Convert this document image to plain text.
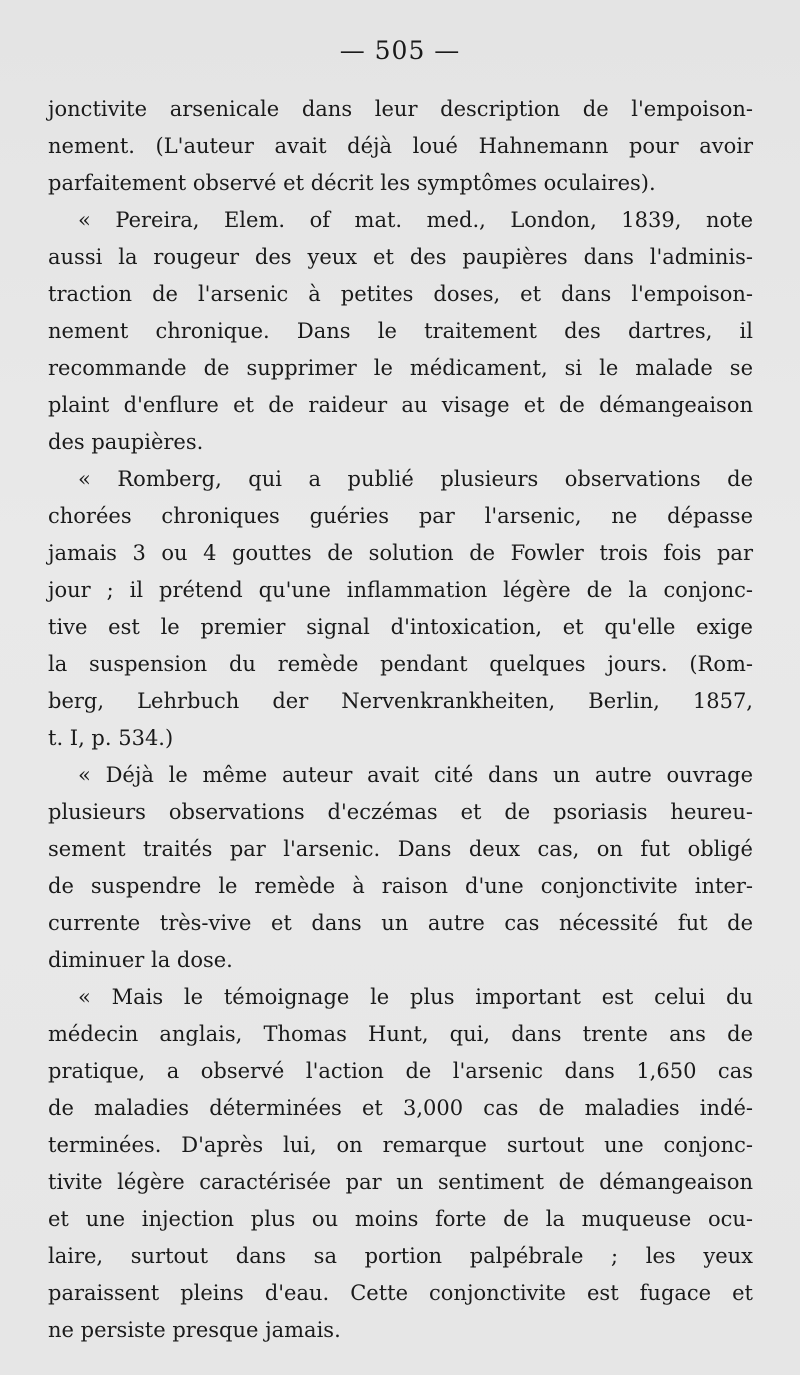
— 505 —
jonctivite arsenicale dans leur description de l'empoison-
nement. (L'auteur avait déjà loué Hahnemann pour avoir
parfaitement observé et décrit les symptômes oculaires).
« Pereira, Elem. of mat. med., London, 1839, note
aussi la rougeur des yeux et des paupières dans l'adminis-
traction de l'arsenic à petites doses, et dans l'empoison-
nement chronique. Dans le traitement des dartres, il
recommande de supprimer le médicament, si le malade se
plaint d'enflure et de raideur au visage et de démangeaison
des paupières.
« Romberg, qui a publié plusieurs observations de
chorées chroniques guéries par l'arsenic, ne dépasse
jamais 3 ou 4 gouttes de solution de Fowler trois fois par
jour ; il prétend qu'une inflammation légère de la conjonc-
tive est le premier signal d'intoxication, et qu'elle exige
la suspension du remède pendant quelques jours. (Rom-
berg, Lehrbuch der Nervenkrankheiten, Berlin, 1857,
t. I, p. 534.)
« Déjà le même auteur avait cité dans un autre ouvrage
plusieurs observations d'eczémas et de psoriasis heureu-
sement traités par l'arsenic. Dans deux cas, on fut obligé
de suspendre le remède à raison d'une conjonctivite inter-
currente très-vive et dans un autre cas nécessité fut de
diminuer la dose.
« Mais le témoignage le plus important est celui du
médecin anglais, Thomas Hunt, qui, dans trente ans de
pratique, a observé l'action de l'arsenic dans 1,650 cas
de maladies déterminées et 3,000 cas de maladies indé-
terminées. D'après lui, on remarque surtout une conjonc-
tivite légère caractérisée par un sentiment de démangeaison
et une injection plus ou moins forte de la muqueuse ocu-
laire, surtout dans sa portion palpébrale ; les yeux
paraissent pleins d'eau. Cette conjonctivite est fugace et
ne persiste presque jamais.
